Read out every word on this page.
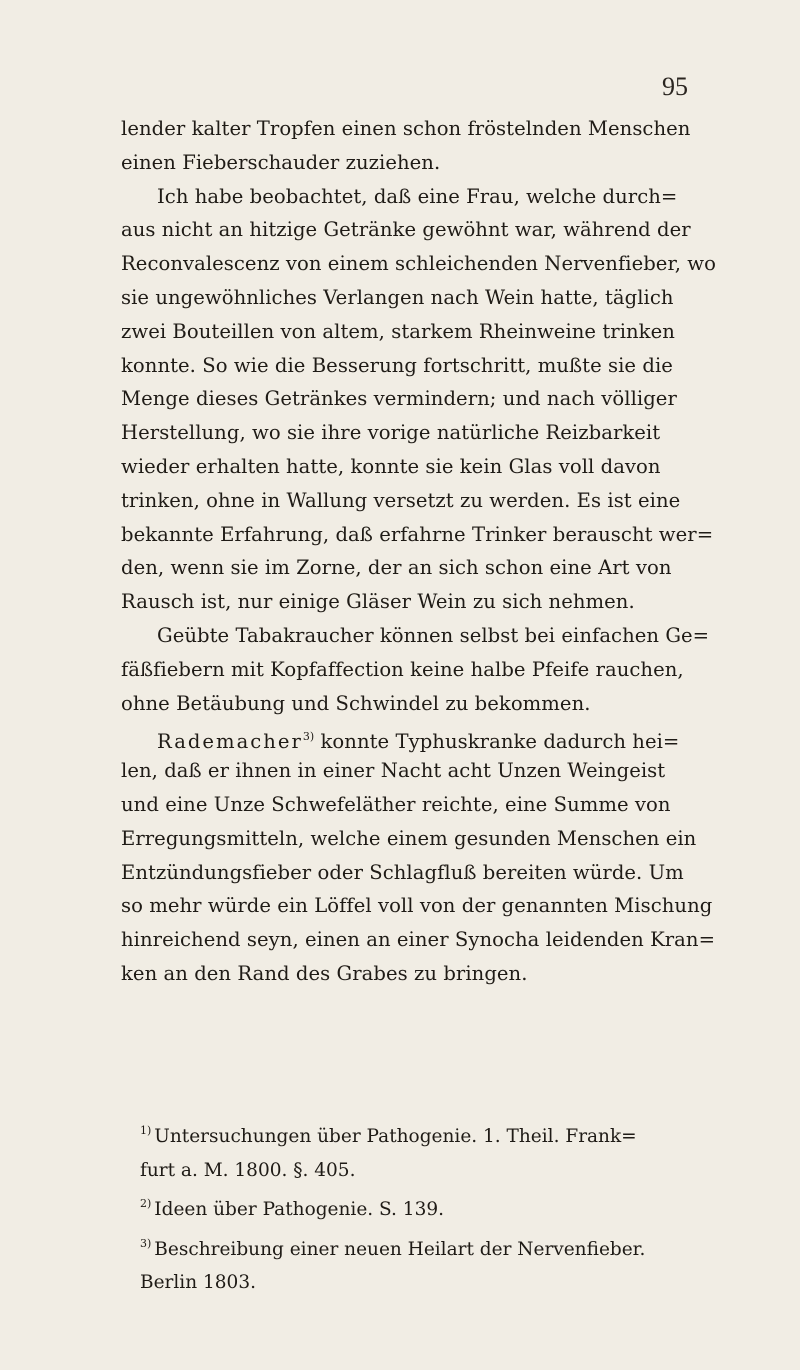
95
lender kalter Tropfen einen schon fröstelnden Menschen
einen Fieberschauder zuziehen.
Ich habe beobachtet, daß eine Frau, welche durch=
aus nicht an hitzige Getränke gewöhnt war, während der
Reconvalescenz von einem schleichenden Nervenfieber, wo
sie ungewöhnliches Verlangen nach Wein hatte, täglich
zwei Bouteillen von altem, starkem Rheinweine trinken
konnte. So wie die Besserung fortschritt, mußte sie die
Menge dieses Getränkes vermindern; und nach völliger
Herstellung, wo sie ihre vorige natürliche Reizbarkeit
wieder erhalten hatte, konnte sie kein Glas voll davon
trinken, ohne in Wallung versetzt zu werden. Es ist eine
bekannte Erfahrung, daß erfahrne Trinker berauscht wer=
den, wenn sie im Zorne, der an sich schon eine Art von
Rausch ist, nur einige Gläser Wein zu sich nehmen.
Geübte Tabakraucher können selbst bei einfachen Ge=
fäßfiebern mit Kopfaffection keine halbe Pfeife rauchen,
ohne Betäubung und Schwindel zu bekommen.
Rademacher$^{3)}$ konnte Typhuskranke dadurch hei=
len, daß er ihnen in einer Nacht acht Unzen Weingeist
und eine Unze Schwefeläther reichte, eine Summe von
Erregungsmitteln, welche einem gesunden Menschen ein
Entzündungsfieber oder Schlagfluß bereiten würde. Um
so mehr würde ein Löffel voll von der genannten Mischung
hinreichend seyn, einen an einer Synocha leidenden Kran=
ken an den Rand des Grabes zu bringen.
$^{1)}$ Untersuchungen über Pathogenie. 1. Theil. Frank=
furt a. M. 1800. §. 405.
$^{2)}$ Ideen über Pathogenie. S. 139.
$^{3)}$ Beschreibung einer neuen Heilart der Nervenfieber.
Berlin 1803.
